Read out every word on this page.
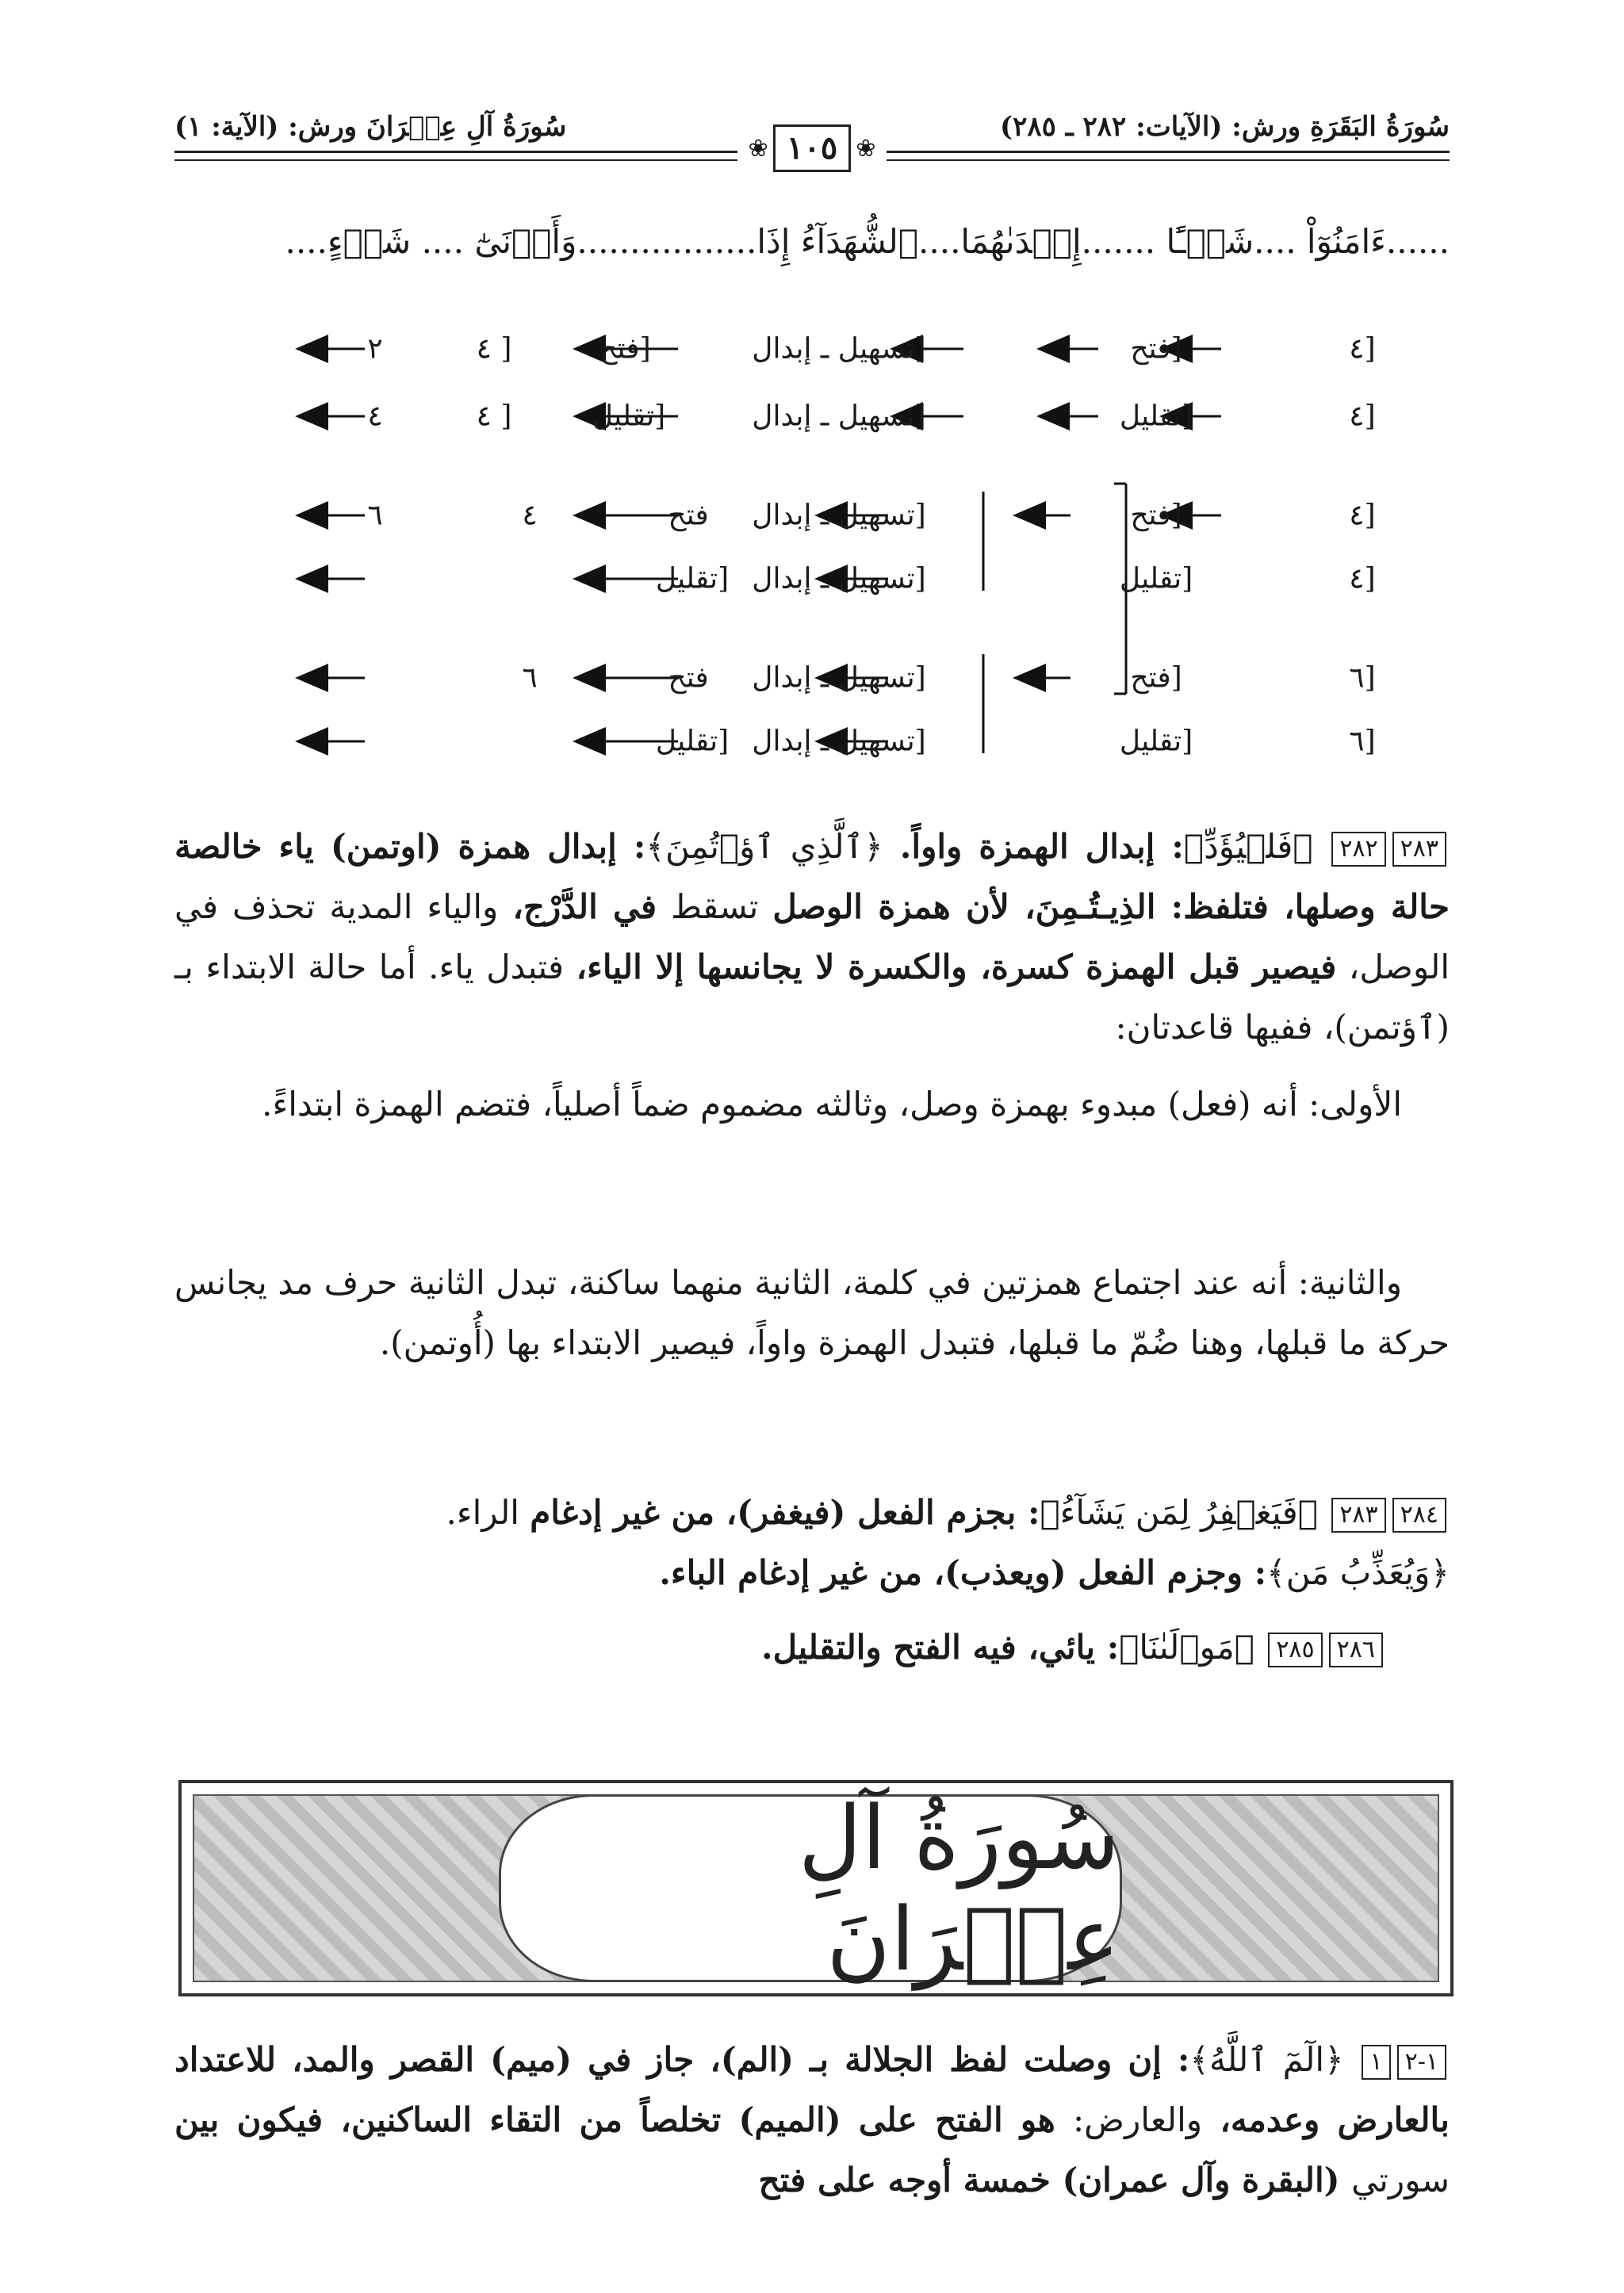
سُورَةُ البَقَرَةِ ورش: (الآيات: ٢٨٢ ـ ٢٨٥)
سُورَةُ آلِ عِمۡرَانَ ورش: (الآية: ١)
❀
١٠٥
❀
......ءَامَنُوٓاْ ....شَيۡـًٔا .......إِحۡدَىٰهُمَا....ٱلشُّهَدَآءُ إِذَا.................وَأَدۡنَىٰٓ .... شَيۡءٍ....
٢
٤
٦
[ ٤
[ ٤
٤
٦
[فتح
[تقليل
فتح
[تقليل
فتح
[تقليل
[تسهيل ـ إبدال
[تسهيل ـ إبدال
[تسهيل ـ إبدال
[تسهيل ـ إبدال
[تسهيل ـ إبدال
[تسهيل ـ إبدال
[فتح
[تقليل
[فتح
[تقليل
[فتح
[تقليل
[٤
[٤
[٤
[٤
[٦
[٦

٢٨٣٢٨٢ ﴿فَلۡيُؤَدِّ﴾: إبدال الهمزة واواً. ﴿ٱلَّذِي ٱؤۡتُمِنَ﴾: إبدال همزة (اوتمن) ياء خالصة حالة وصلها، فتلفظ: الذِيـتُـمِنَ، لأن همزة الوصل تسقط في الدَّرْج، والياء المدية تحذف في الوصل، فيصير قبل الهمزة كسرة، والكسرة لا يجانسها إلا الياء، فتبدل ياء. أما حالة الابتداء بـ (ٱؤتمن)، ففيها قاعدتان:

الأولى: أنه (فعل) مبدوء بهمزة وصل، وثالثه مضموم ضماً أصلياً، فتضم الهمزة ابتداءً.

والثانية: أنه عند اجتماع همزتين في كلمة، الثانية منهما ساكنة، تبدل الثانية حرف مد يجانس حركة ما قبلها، وهنا ضُمّ ما قبلها، فتبدل الهمزة واواً، فيصير الابتداء بها (أُوتمن).

٢٨٤٢٨٣ ﴿فَيَغۡفِرُ لِمَن يَشَآءُ﴾: بجزم الفعل (فيغفر)، من غير إدغام الراء.

﴿وَيُعَذِّبُ مَن﴾: وجزم الفعل (ويعذب)، من غير إدغام الباء.

٢٨٦٢٨٥ ﴿مَوۡلَىٰنَا﴾: يائي، فيه الفتح والتقليل.

سُورَةُ آلِ عِمۡرَانَ

١-٢١ ﴿الٓمٓ ٱللَّهُ﴾: إن وصلت لفظ الجلالة بـ (الم)، جاز في (ميم) القصر والمد، للاعتداد بالعارض وعدمه، والعارض: هو الفتح على (الميم) تخلصاً من التقاء الساكنين، فيكون بين سورتي (البقرة وآل عمران) خمسة أوجه على فتح
